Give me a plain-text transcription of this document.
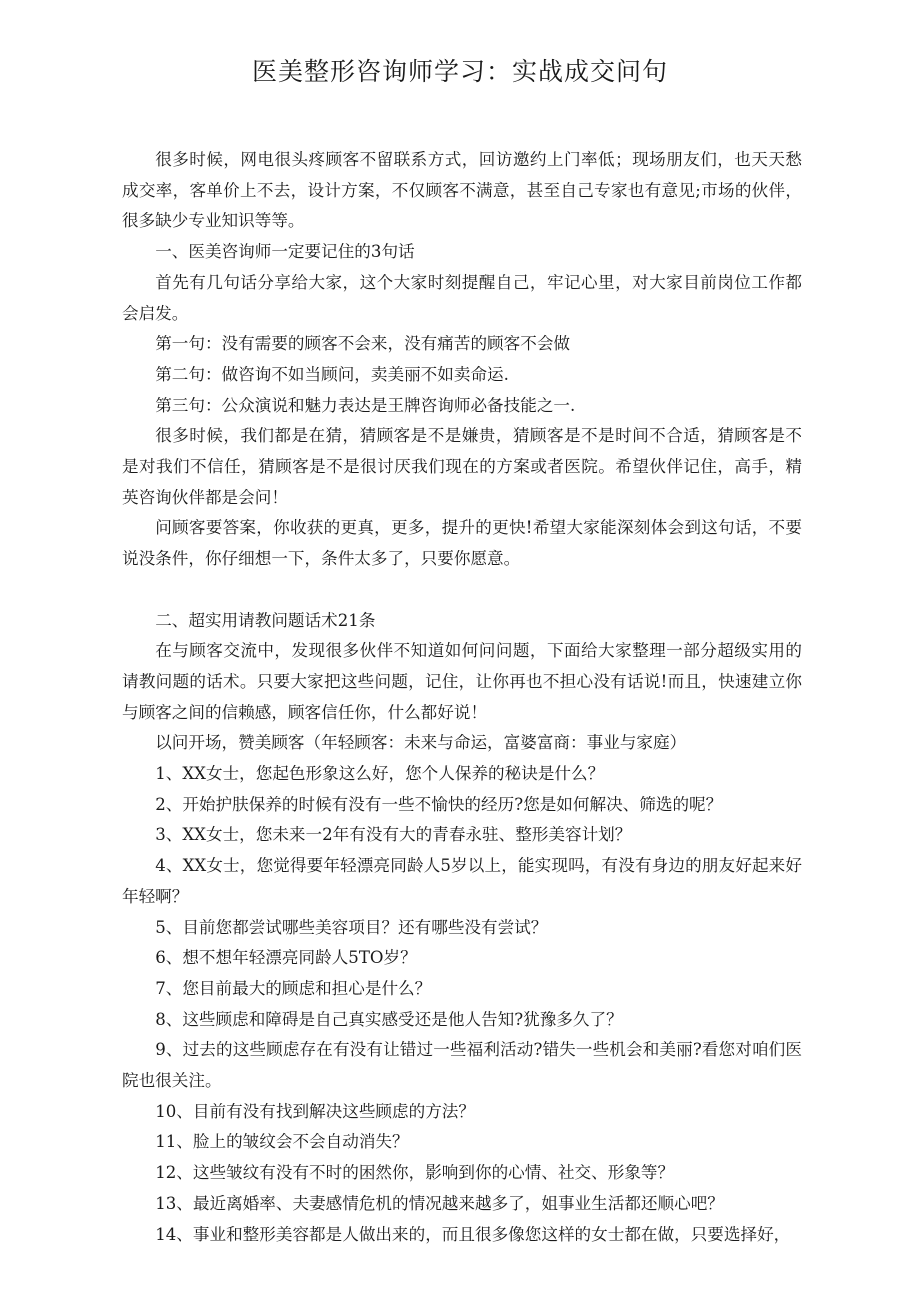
医美整形咨询师学习：实战成交问句

很多时候，网电很头疼顾客不留联系方式，回访邀约上门率低；现场朋友们，也天天愁成交率，客单价上不去，设计方案，不仅顾客不满意，甚至自己专家也有意见;市场的伙伴，很多缺少专业知识等等。

一、医美咨询师一定要记住的3句话

首先有几句话分享给大家，这个大家时刻提醒自己，牢记心里，对大家目前岗位工作都会启发。

第一句：没有需要的顾客不会来，没有痛苦的顾客不会做

第二句：做咨询不如当顾问，卖美丽不如卖命运.

第三句：公众演说和魅力表达是王牌咨询师必备技能之一.

很多时候，我们都是在猜，猜顾客是不是嫌贵，猜顾客是不是时间不合适，猜顾客是不是对我们不信任，猜顾客是不是很讨厌我们现在的方案或者医院。希望伙伴记住，高手，精英咨询伙伴都是会问！

问顾客要答案，你收获的更真，更多，提升的更快!希望大家能深刻体会到这句话，不要说没条件，你仔细想一下，条件太多了，只要你愿意。

二、超实用请教问题话术21条

在与顾客交流中，发现很多伙伴不知道如何问问题，下面给大家整理一部分超级实用的请教问题的话术。只要大家把这些问题，记住，让你再也不担心没有话说!而且，快速建立你与顾客之间的信赖感，顾客信任你，什么都好说！

以问开场，赞美顾客（年轻顾客：未来与命运，富婆富商：事业与家庭）

1、XX女士，您起色形象这么好，您个人保养的秘诀是什么？

2、开始护肤保养的时候有没有一些不愉快的经历?您是如何解决、筛选的呢？

3、XX女士，您未来一2年有没有大的青春永驻、整形美容计划？

4、XX女士，您觉得要年轻漂亮同龄人5岁以上，能实现吗，有没有身边的朋友好起来好年轻啊？

5、目前您都尝试哪些美容项目？还有哪些没有尝试？

6、想不想年轻漂亮同龄人5TO岁？

7、您目前最大的顾虑和担心是什么？

8、这些顾虑和障碍是自己真实感受还是他人告知?犹豫多久了？

9、过去的这些顾虑存在有没有让错过一些福利活动?错失一些机会和美丽?看您对咱们医院也很关注。

10、目前有没有找到解决这些顾虑的方法？

11、脸上的皱纹会不会自动消失？

12、这些皱纹有没有不时的困然你，影响到你的心情、社交、形象等？

13、最近离婚率、夫妻感情危机的情况越来越多了，姐事业生活都还顺心吧？

14、事业和整形美容都是人做出来的，而且很多像您这样的女士都在做，只要选择好，
